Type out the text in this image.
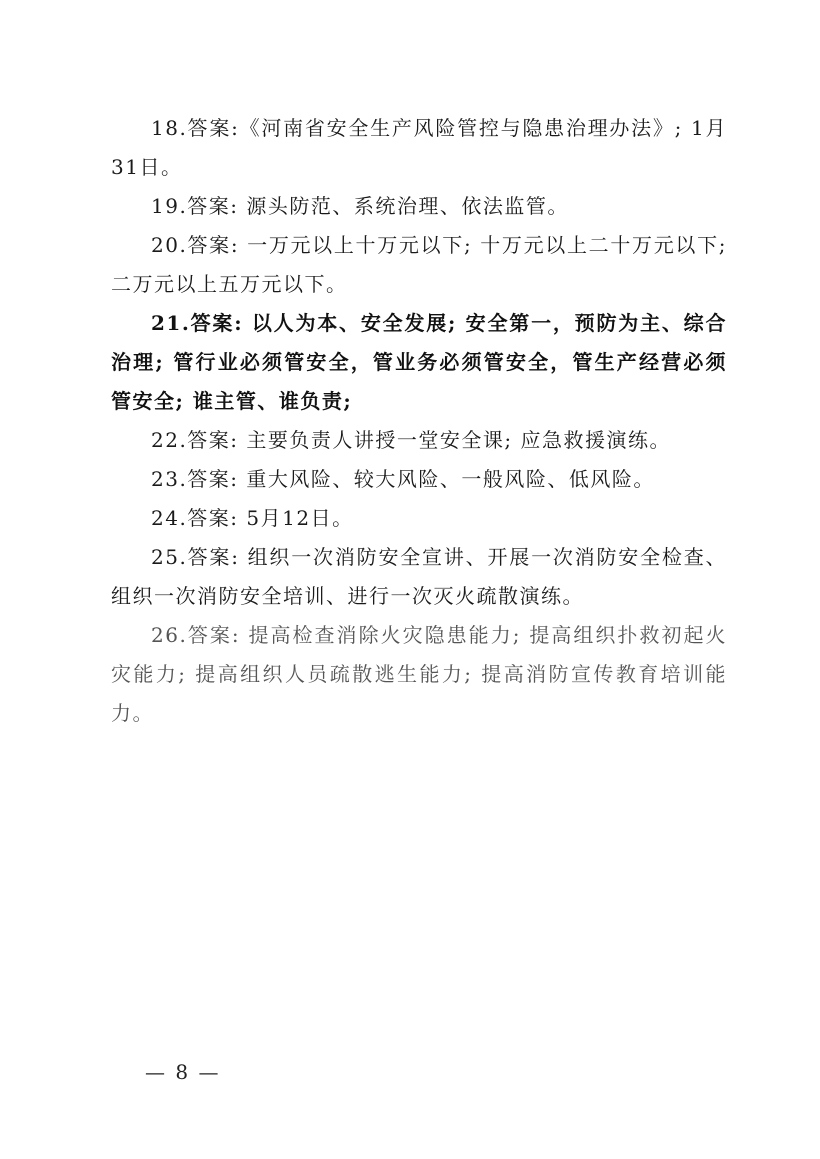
18.答案:《河南省安全生产风险管控与隐患治理办法》; 1月31日。

19.答案: 源头防范、系统治理、依法监管。

20.答案: 一万元以上十万元以下; 十万元以上二十万元以下; 二万元以上五万元以下。

21.答案: 以人为本、安全发展; 安全第一，预防为主、综合治理; 管行业必须管安全，管业务必须管安全，管生产经营必须管安全; 谁主管、谁负责;

22.答案: 主要负责人讲授一堂安全课; 应急救援演练。

23.答案: 重大风险、较大风险、一般风险、低风险。

24.答案: 5月12日。

25.答案: 组织一次消防安全宣讲、开展一次消防安全检查、组织一次消防安全培训、进行一次灭火疏散演练。

26.答案: 提高检查消除火灾隐患能力; 提高组织扑救初起火灾能力; 提高组织人员疏散逃生能力; 提高消防宣传教育培训能力。

— 8 —
